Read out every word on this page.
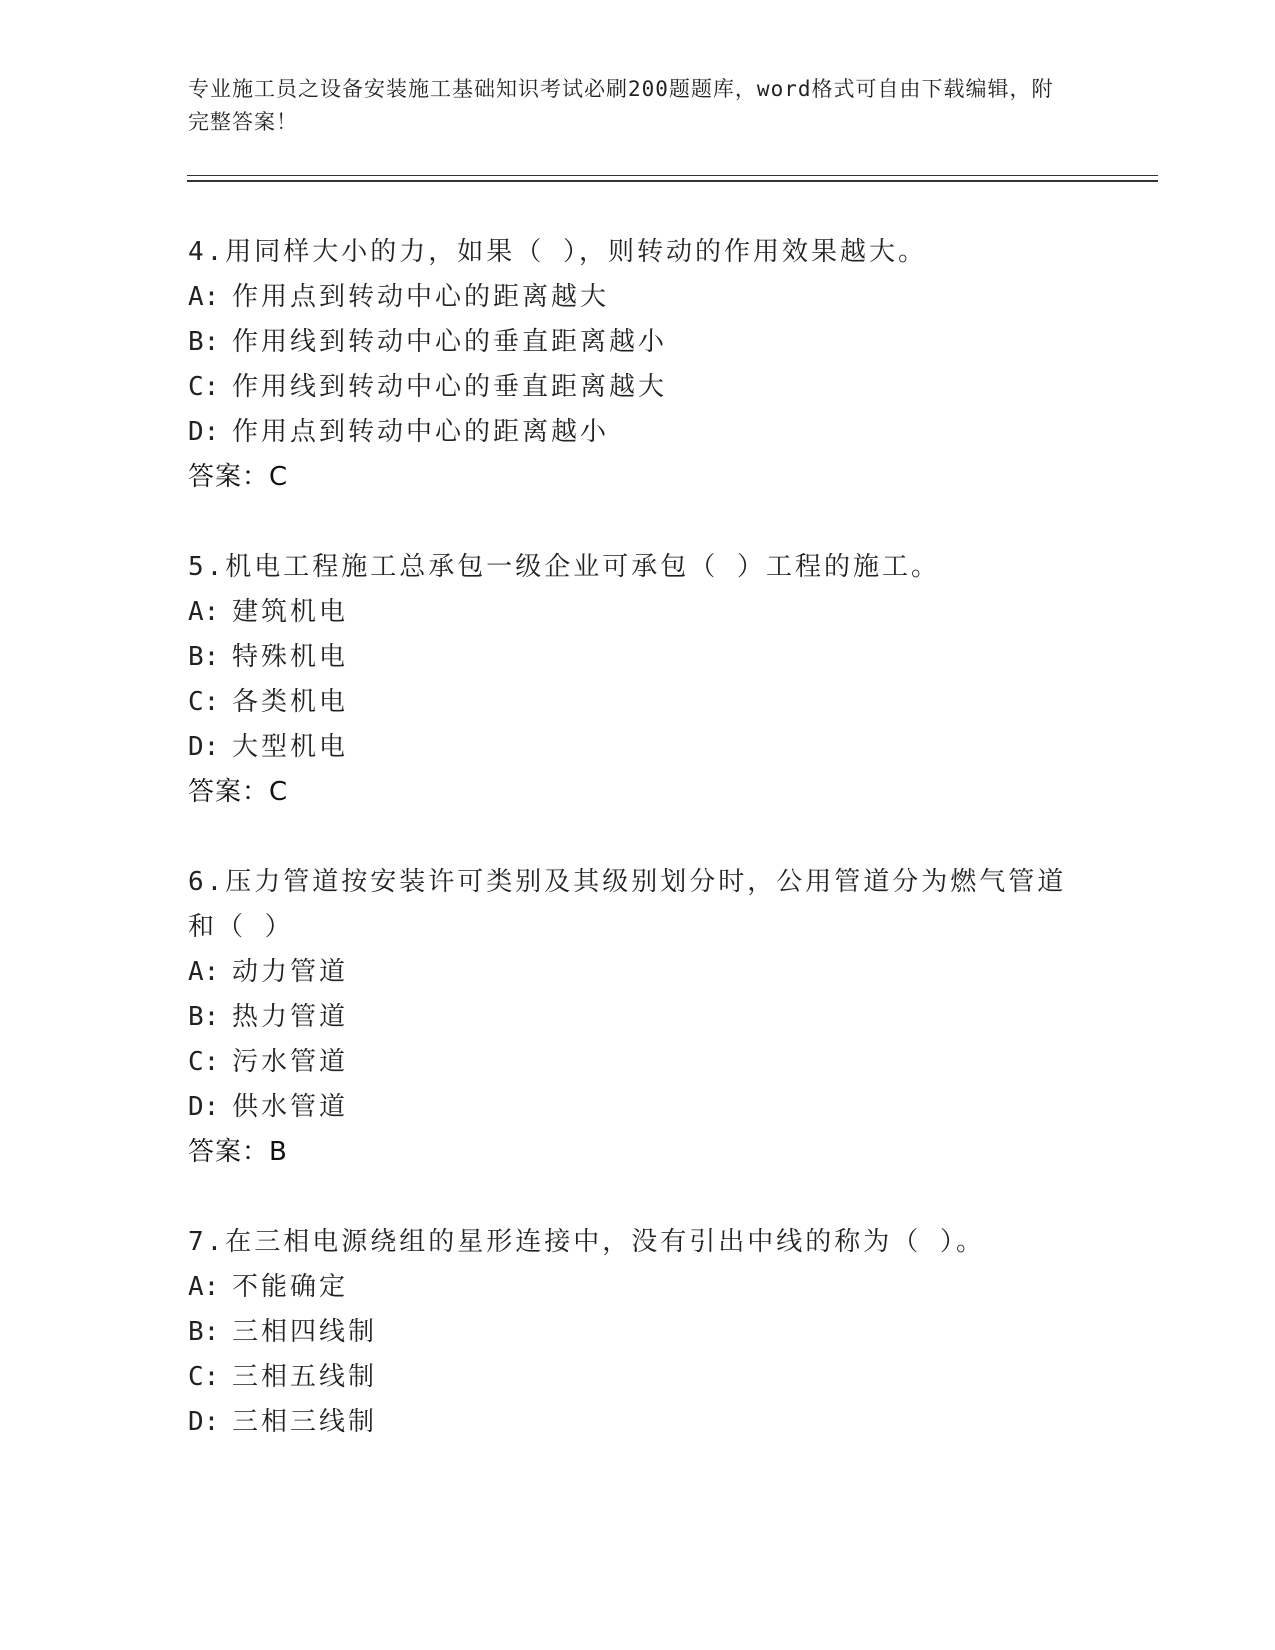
专业施工员之设备安装施工基础知识考试必刷200题题库，word格式可自由下载编辑，附完整答案！
4.用同样大小的力，如果（ ），则转动的作用效果越大。
A: 作用点到转动中心的距离越大
B: 作用线到转动中心的垂直距离越小
C: 作用线到转动中心的垂直距离越大
D: 作用点到转动中心的距离越小
答案：C
5.机电工程施工总承包一级企业可承包（ ）工程的施工。
A: 建筑机电
B: 特殊机电
C: 各类机电
D: 大型机电
答案：C
6.压力管道按安装许可类别及其级别划分时，公用管道分为燃气管道和（ ）
A: 动力管道
B: 热力管道
C: 污水管道
D: 供水管道
答案：B
7.在三相电源绕组的星形连接中，没有引出中线的称为（ ）。
A: 不能确定
B: 三相四线制
C: 三相五线制
D: 三相三线制
